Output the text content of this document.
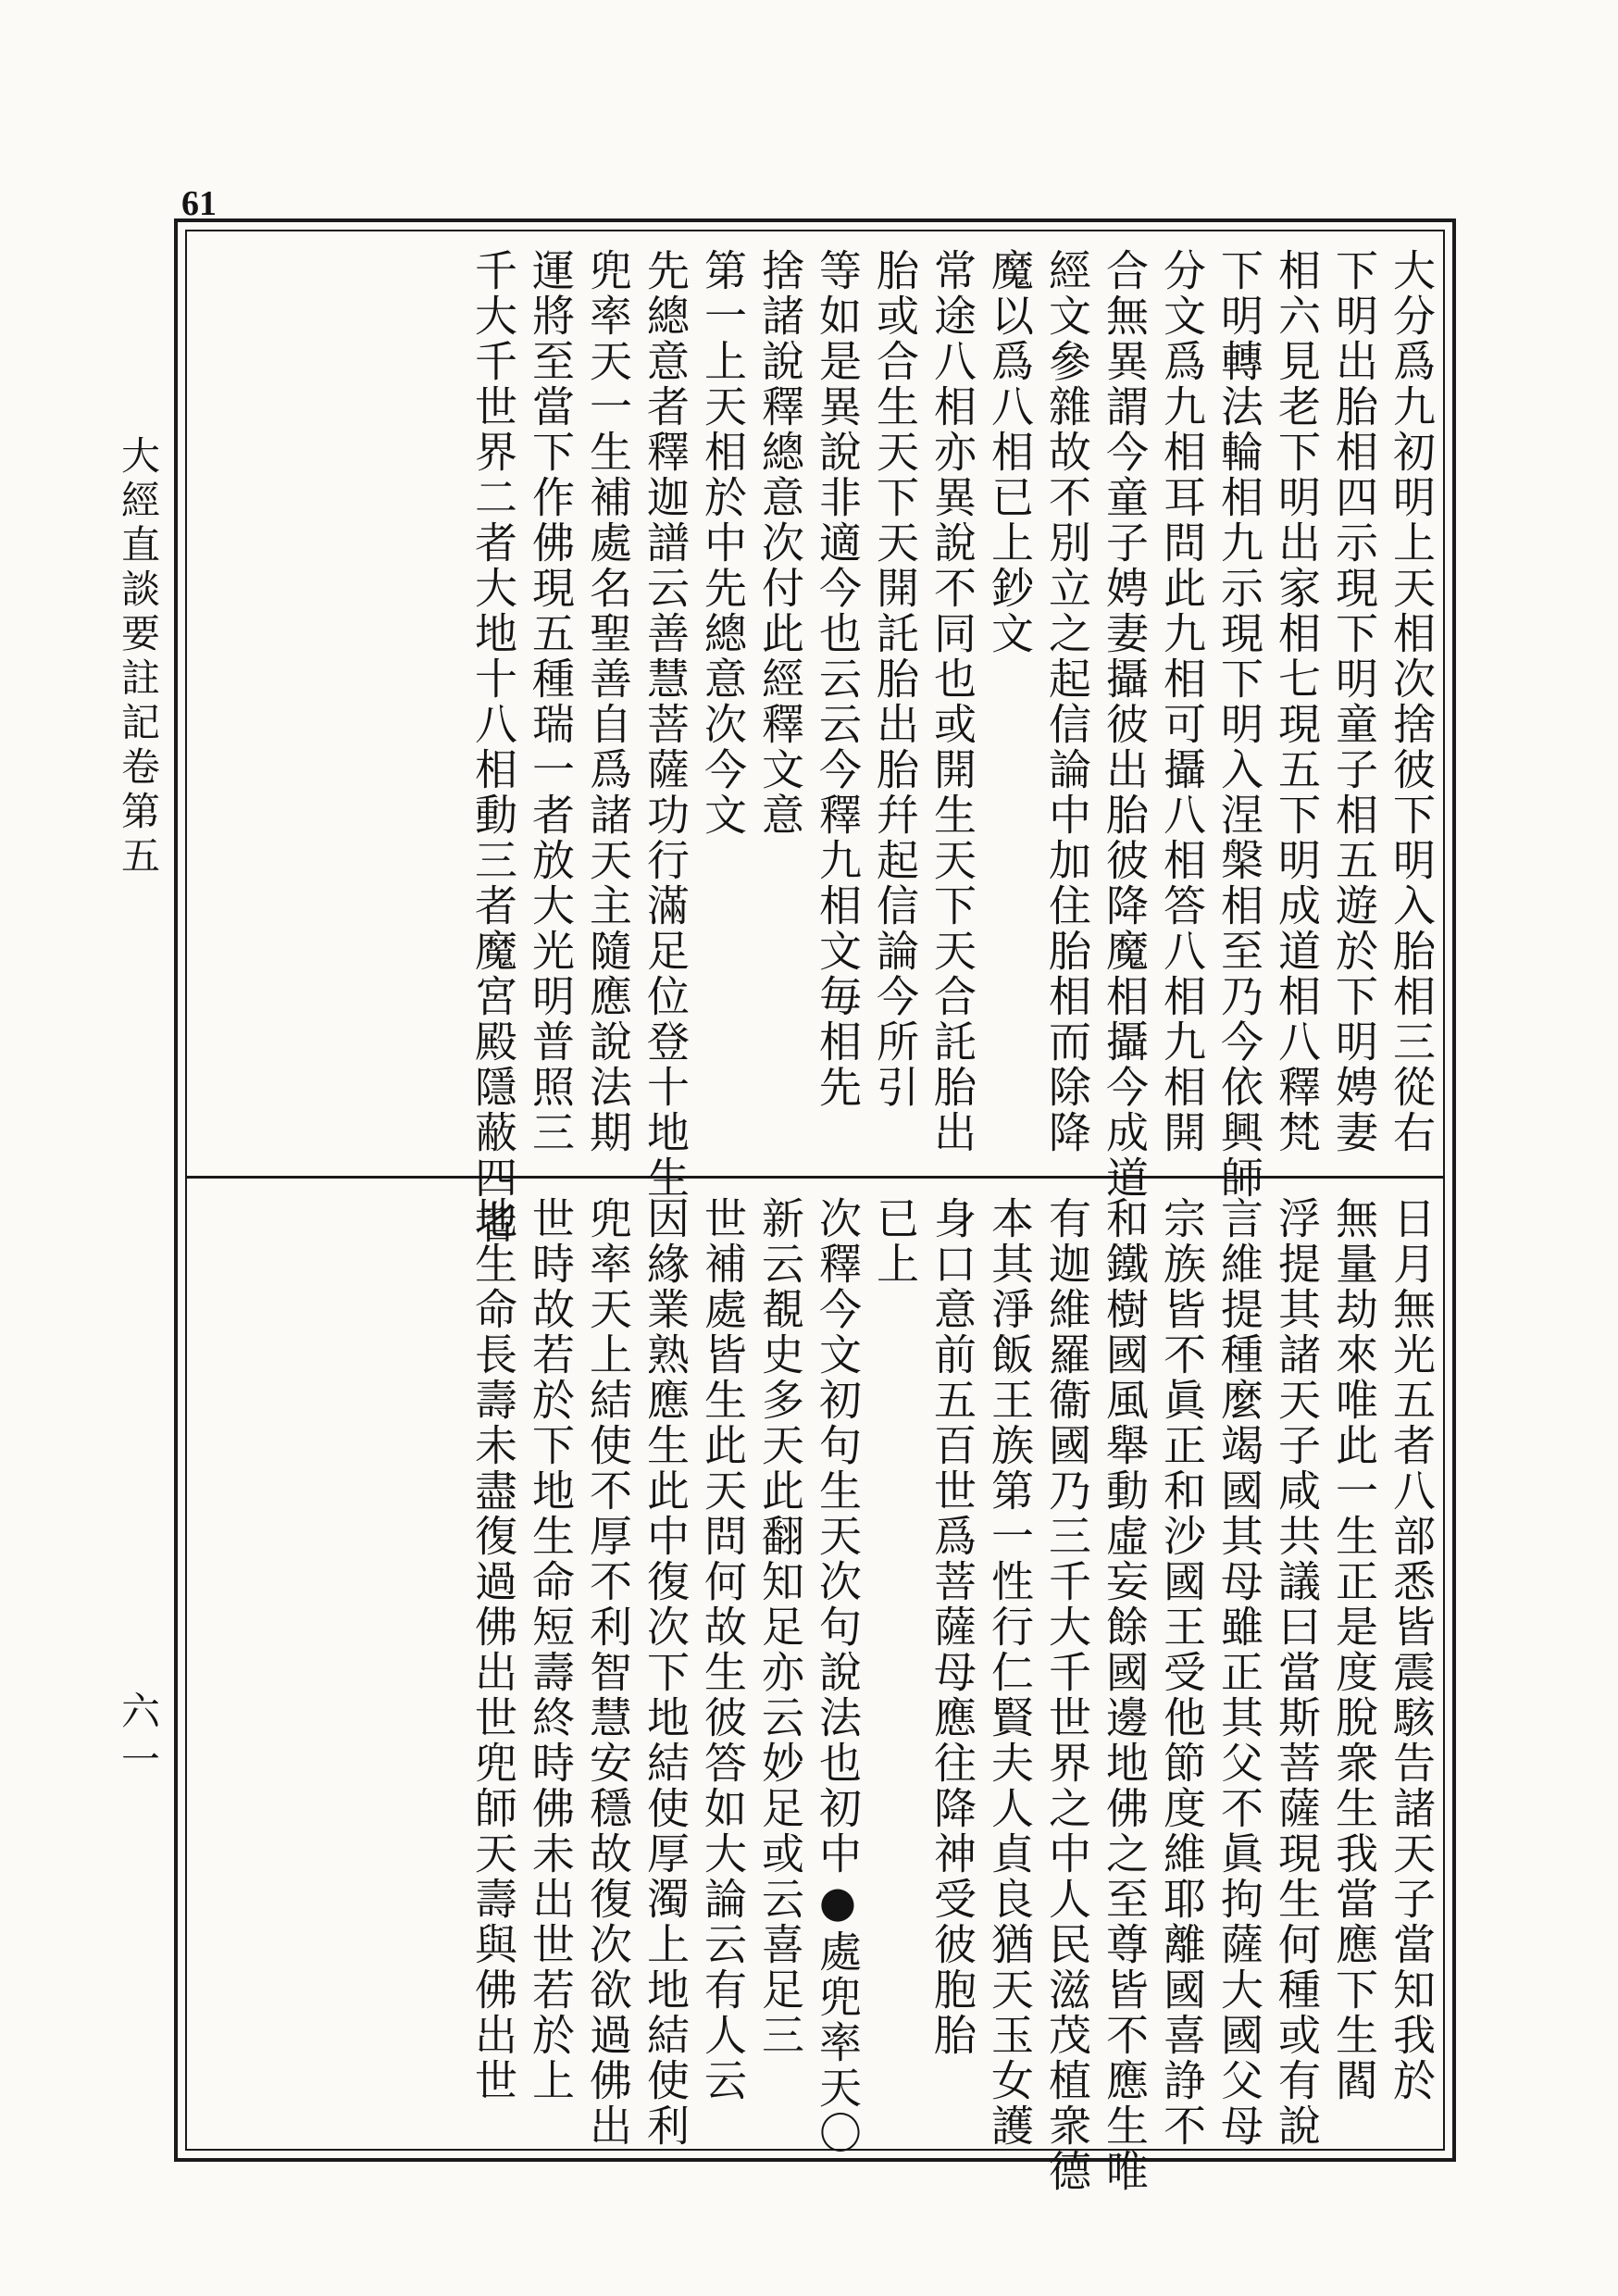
61
大經直談要註記卷第五
六一
大分爲九初明上天相次捨彼下明入胎相三從右
下明出胎相四示現下明童子相五遊於下明娉妻
相六見老下明出家相七現五下明成道相八釋梵
下明轉法輪相九示現下明入涅槃相至乃今依興師
分文爲九相耳問此九相可攝八相答八相九相開
合無異謂今童子娉妻攝彼出胎彼降魔相攝今成道
經文參雜故不別立之起信論中加住胎相而除降
魔以爲八相已上鈔文
常途八相亦異說不同也或開生天下天合託胎出
胎或合生天下天開託胎出胎幷起信論今所引
等如是異說非適今也云云今釋九相文毎相先
捨諸說釋總意次付此經釋文意
第一上天相於中先總意次今文
先總意者釋迦譜云善慧菩薩功行滿足位登十地生
兜率天一生補處名聖善自爲諸天主隨應說法期
運將至當下作佛現五種瑞一者放大光明普照三
千大千世界二者大地十八相動三者魔宮殿隱蔽四者
日月無光五者八部悉皆震駭告諸天子當知我於
無量劫來唯此一生正是度脫衆生我當應下生閻
浮提其諸天子咸共議曰當斯菩薩現生何種或有說
言維提種麼竭國其母雖正其父不眞拘薩大國父母
宗族皆不眞正和沙國王受他節度維耶離國喜諍不
和鐵樹國風舉動虛妄餘國邊地佛之至尊皆不應生唯
有迦維羅衞國乃三千大千世界之中人民滋茂植衆德
本其淨飯王族第一性行仁賢夫人貞良猶天玉女護
身口意前五百世爲菩薩母應往降神受彼胞胎
已上
次釋今文初句生天次句說法也初中●處兜率天〇
新云覩史多天此翻知足亦云妙足或云喜足三
世補處皆生此天問何故生彼答如大論云有人云
因緣業熟應生此中復次下地結使厚濁上地結使利
兜率天上結使不厚不利智慧安穩故復次欲過佛出
世時故若於下地生命短壽終時佛未出世若於上
地生命長壽未盡復過佛出世兜師天壽與佛出世
